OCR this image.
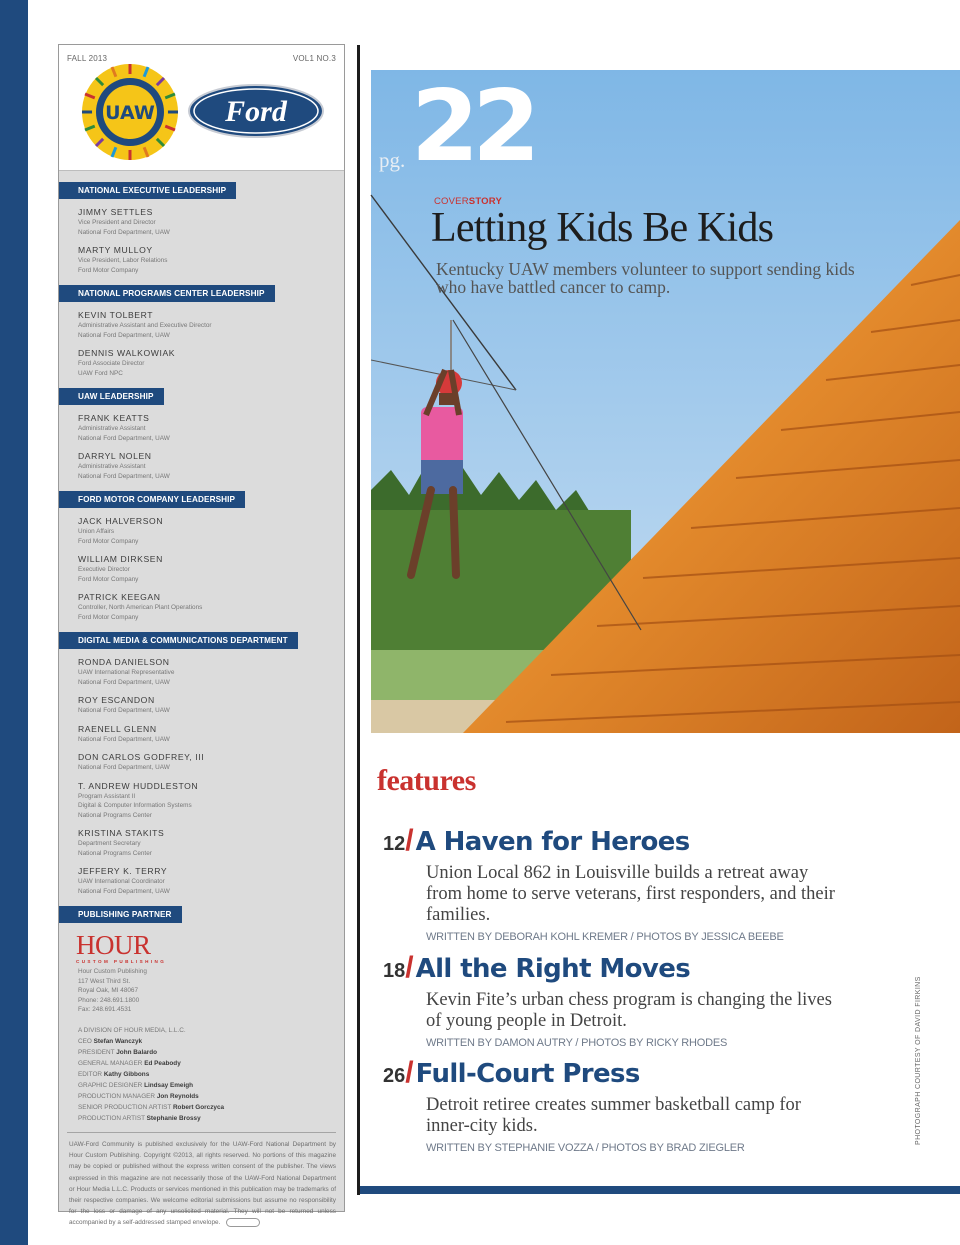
FALL 2013	VOL1 NO.3
UAW Ford
NATIONAL EXECUTIVE LEADERSHIP
JIMMY SETTLES
Vice President and Director
National Ford Department, UAW
MARTY MULLOY
Vice President, Labor Relations
Ford Motor Company
NATIONAL PROGRAMS CENTER LEADERSHIP
KEVIN TOLBERT
Administrative Assistant and Executive Director
National Ford Department, UAW
DENNIS WALKOWIAK
Ford Associate Director
UAW Ford NPC
UAW LEADERSHIP
FRANK KEATTS
Administrative Assistant
National Ford Department, UAW
DARRYL NOLEN
Administrative Assistant
National Ford Department, UAW
FORD MOTOR COMPANY LEADERSHIP
JACK HALVERSON
Union Affairs
Ford Motor Company
WILLIAM DIRKSEN
Executive Director
Ford Motor Company
PATRICK KEEGAN
Controller, North American Plant Operations
Ford Motor Company
DIGITAL MEDIA & COMMUNICATIONS DEPARTMENT
RONDA DANIELSON
UAW International Representative
National Ford Department, UAW
ROY ESCANDON
National Ford Department, UAW
RAENELL GLENN
National Ford Department, UAW
DON CARLOS GODFREY, III
National Ford Department, UAW
T. ANDREW HUDDLESTON
Program Assistant II
Digital & Computer Information Systems
National Programs Center
KRISTINA STAKITS
Department Secretary
National Programs Center
JEFFERY K. TERRY
UAW International Coordinator
National Ford Department, UAW
PUBLISHING PARTNER
HOUR
CUSTOM PUBLISHING
Hour Custom Publishing
117 West Third St.
Royal Oak, MI 48067
Phone: 248.691.1800
Fax: 248.691.4531
A DIVISION OF HOUR MEDIA, L.L.C.
CEO Stefan Wanczyk
PRESIDENT John Balardo
GENERAL MANAGER Ed Peabody
EDITOR Kathy Gibbons
GRAPHIC DESIGNER Lindsay Emeigh
PRODUCTION MANAGER Jon Reynolds
SENIOR PRODUCTION ARTIST Robert Gorczyca
PRODUCTION ARTIST Stephanie Brossy
UAW-Ford Community is published exclusively for the UAW-Ford National Department by Hour Custom Publishing. Copyright ©2013, all rights reserved. No portions of this magazine may be copied or published without the express written consent of the publisher. The views expressed in this magazine are not necessarily those of the UAW-Ford National Department or Hour Media L.L.C. Products or services mentioned in this publication may be trademarks of their respective companies. We welcome editorial submissions but assume no responsibility for the loss or damage of any unsolicited material. They will not be returned unless accompanied by a self-addressed stamped envelope.
pg. 22
COVERSTORY
Letting Kids Be Kids
Kentucky UAW members volunteer to support sending kids who have battled cancer to camp.
features
12/A Haven for Heroes
Union Local 862 in Louisville builds a retreat away from home to serve veterans, first responders, and their families.
WRITTEN BY DEBORAH KOHL KREMER / PHOTOS BY JESSICA BEEBE
18/All the Right Moves
Kevin Fite’s urban chess program is changing the lives of young people in Detroit.
WRITTEN BY DAMON AUTRY / PHOTOS BY RICKY RHODES
26/Full-Court Press
Detroit retiree creates summer basketball camp for inner-city kids.
WRITTEN BY STEPHANIE VOZZA / PHOTOS BY BRAD ZIEGLER
PHOTOGRAPH COURTESY OF DAVID FIRKINS
